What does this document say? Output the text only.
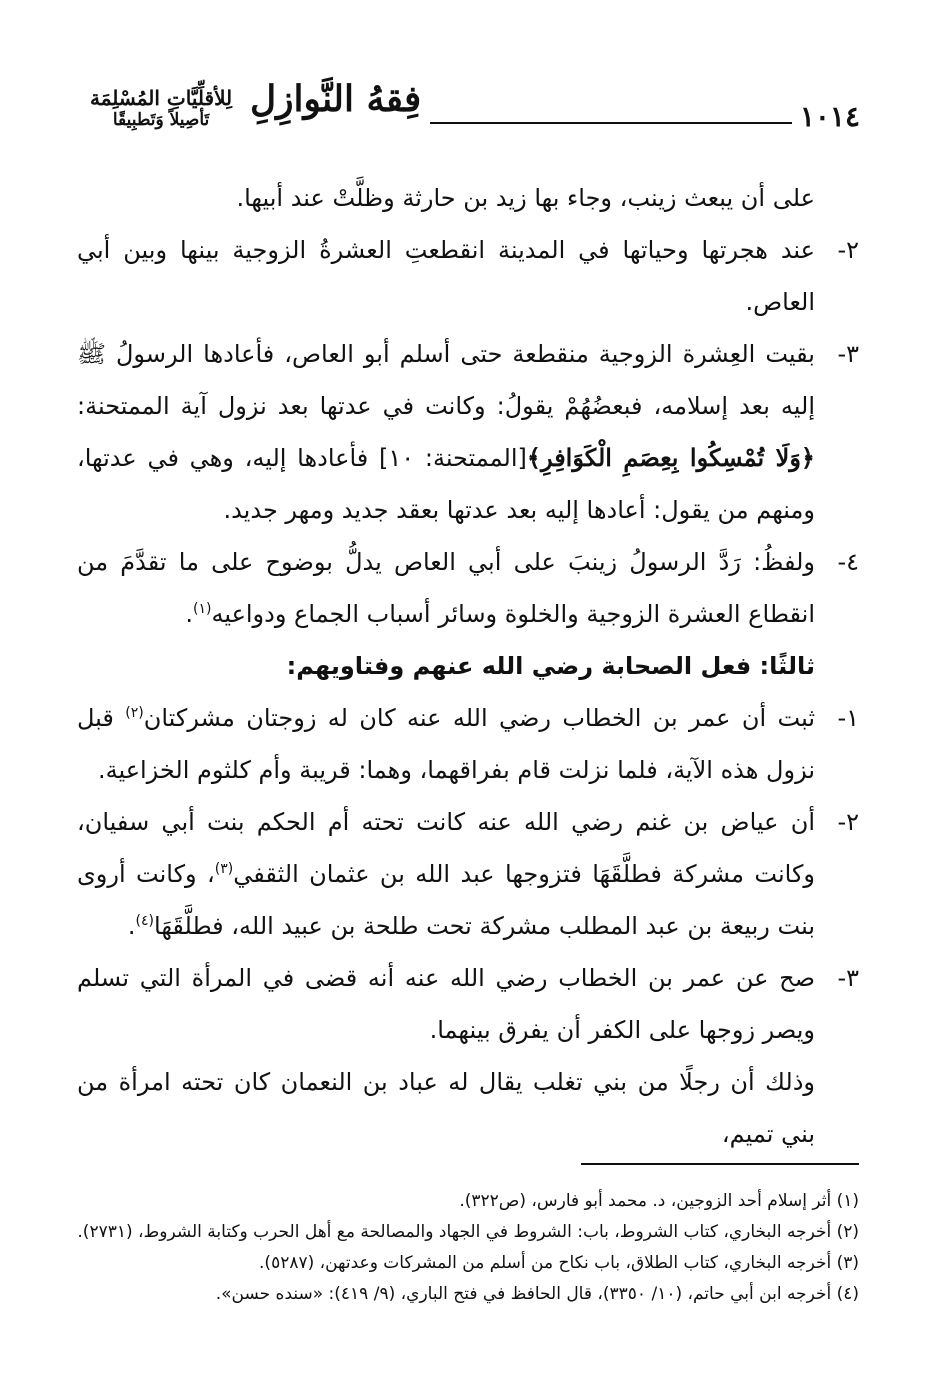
١٠١٤
فِقهُ النَّوازِلِ
لِلأقلِّيَّاتِ المُسْلِمَة
تَأصِيلاً وَتَطبِيقًا

على أن يبعث زينب، وجاء بها زيد بن حارثة وظلَّتْ عند أبيها.

٢-
عند هجرتها وحياتها في المدينة انقطعتِ العشرةُ الزوجية بينها وبين أبي العاص.
٣-
بقيت العِشرة الزوجية منقطعة حتى أسلم أبو العاص، فأعادها الرسولُ ﷺ إليه بعد إسلامه، فبعضُهُمْ يقولُ: وكانت في عدتها بعد نزول آية الممتحنة: ﴿وَلَا تُمْسِكُوا بِعِصَمِ الْكَوَافِرِ﴾[الممتحنة: ١٠] فأعادها إليه، وهي في عدتها، ومنهم من يقول: أعادها إليه بعد عدتها بعقد جديد ومهر جديد.
٤-
ولفظُ: رَدَّ الرسولُ زينبَ على أبي العاص يدلُّ بوضوح على ما تقدَّمَ من انقطاع العشرة الزوجية والخلوة وسائر أسباب الجماع ودواعيه$^{(١)}$.

ثالثًا: فعل الصحابة رضي الله عنهم وفتاويهم:

١-
ثبت أن عمر بن الخطاب رضي الله عنه كان له زوجتان مشركتان$^{(٢)}$ قبل نزول هذه الآية، فلما نزلت قام بفراقهما، وهما: قريبة وأم كلثوم الخزاعية.
٢-
أن عياض بن غنم رضي الله عنه كانت تحته أم الحكم بنت أبي سفيان، وكانت مشركة فطلَّقَهَا فتزوجها عبد الله بن عثمان الثقفي$^{(٣)}$، وكانت أروى بنت ربيعة بن عبد المطلب مشركة تحت طلحة بن عبيد الله، فطلَّقَهَا$^{(٤)}$.
٣-
صح عن عمر بن الخطاب رضي الله عنه أنه قضى في المرأة التي تسلم ويصر زوجها على الكفر أن يفرق بينهما.

وذلك أن رجلًا من بني تغلب يقال له عباد بن النعمان كان تحته امرأة من بني تميم،

(١) أثر إسلام أحد الزوجين، د. محمد أبو فارس، (ص٣٢٢).

(٢) أخرجه البخاري، كتاب الشروط، باب: الشروط في الجهاد والمصالحة مع أهل الحرب وكتابة الشروط، (٢٧٣١).

(٣) أخرجه البخاري، كتاب الطلاق، باب نكاح من أسلم من المشركات وعدتهن، (٥٢٨٧).

(٤) أخرجه ابن أبي حاتم، (١٠/ ٣٣٥٠)، قال الحافظ في فتح الباري، (٩/ ٤١٩): «سنده حسن».
